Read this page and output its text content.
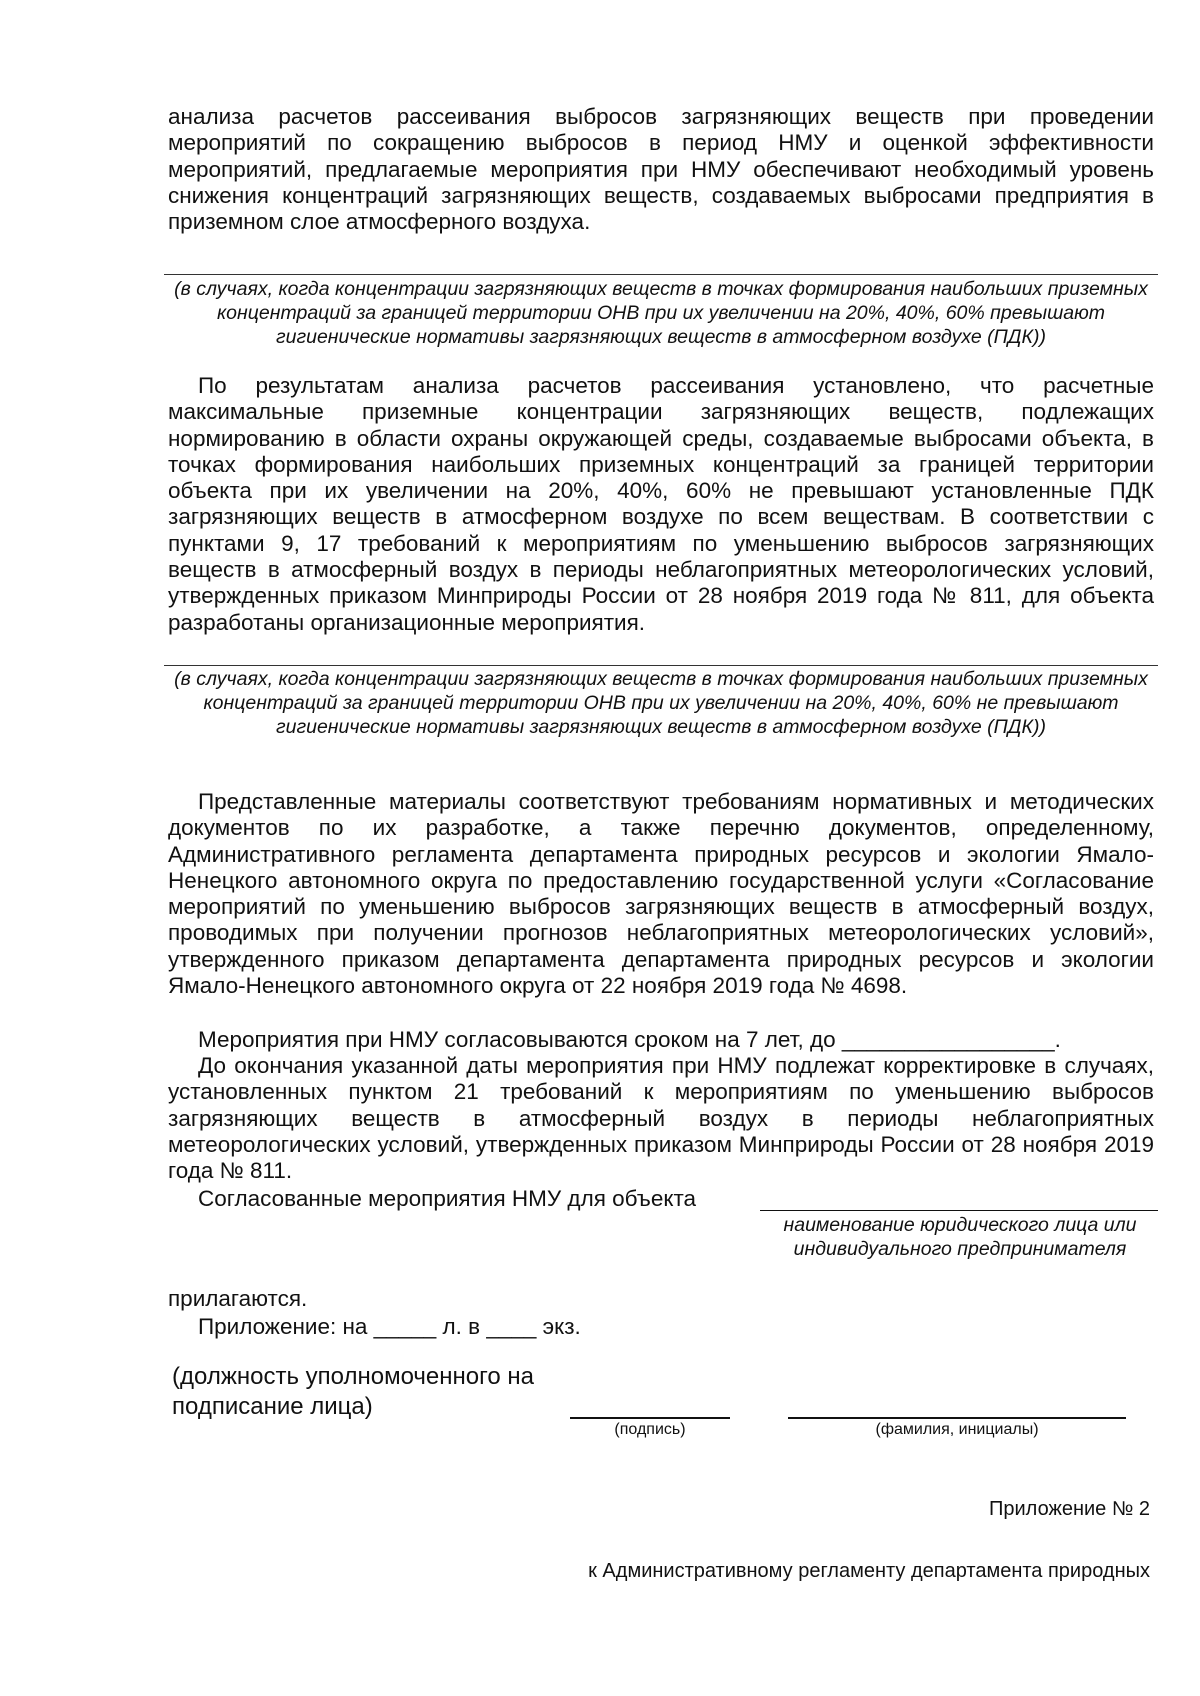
анализа расчетов рассеивания выбросов загрязняющих веществ при проведении мероприятий по сокращению выбросов в период НМУ и оценкой эффективности мероприятий, предлагаемые мероприятия при НМУ обеспечивают необходимый уровень снижения концентраций загрязняющих веществ, создаваемых выбросами предприятия в приземном слое атмосферного воздуха.

(в случаях, когда концентрации загрязняющих веществ в точках формирования наибольших приземных концентраций за границей территории ОНВ при их увеличении на 20%, 40%, 60% превышают гигиенические нормативы загрязняющих веществ в атмосферном воздухе (ПДК))

По результатам анализа расчетов рассеивания установлено, что расчетные максимальные приземные концентрации загрязняющих веществ, подлежащих нормированию в области охраны окружающей среды, создаваемые выбросами объекта, в точках формирования наибольших приземных концентраций за границей территории объекта при их увеличении на 20%, 40%, 60% не превышают установленные ПДК загрязняющих веществ в атмосферном воздухе по всем веществам. В соответствии с пунктами 9, 17 требований к мероприятиям по уменьшению выбросов загрязняющих веществ в атмосферный воздух в периоды неблагоприятных метеорологических условий, утвержденных приказом Минприроды России от 28 ноября 2019 года № 811, для объекта разработаны организационные мероприятия.

(в случаях, когда концентрации загрязняющих веществ в точках формирования наибольших приземных концентраций за границей территории ОНВ при их увеличении на 20%, 40%, 60% не превышают гигиенические нормативы загрязняющих веществ в атмосферном воздухе (ПДК))

Представленные материалы соответствуют требованиям нормативных и методических документов по их разработке, а также перечню документов, определенному, Административного регламента департамента природных ресурсов и экологии Ямало-Ненецкого автономного округа по предоставлению государственной услуги «Согласование мероприятий по уменьшению выбросов загрязняющих веществ в атмосферный воздух, проводимых при получении прогнозов неблагоприятных метеорологических условий», утвержденного приказом департамента департамента природных ресурсов и экологии Ямало-Ненецкого автономного округа от 22 ноября 2019 года № 4698.

Мероприятия при НМУ согласовываются сроком на 7 лет, до _________________.

До окончания указанной даты мероприятия при НМУ подлежат корректировке в случаях, установленных пунктом 21 требований к мероприятиям по уменьшению выбросов загрязняющих веществ в атмосферный воздух в периоды неблагоприятных метеорологических условий, утвержденных приказом Минприроды России от 28 ноября 2019 года № 811.

Согласованные мероприятия НМУ для объекта

наименование юридического лица или индивидуального предпринимателя

прилагаются.

Приложение: на _____ л. в ____ экз.

(должность уполномоченного на подписание лица)
(подпись)	(фамилия, инициалы)
Приложение № 2
к Административному регламенту департамента природных
